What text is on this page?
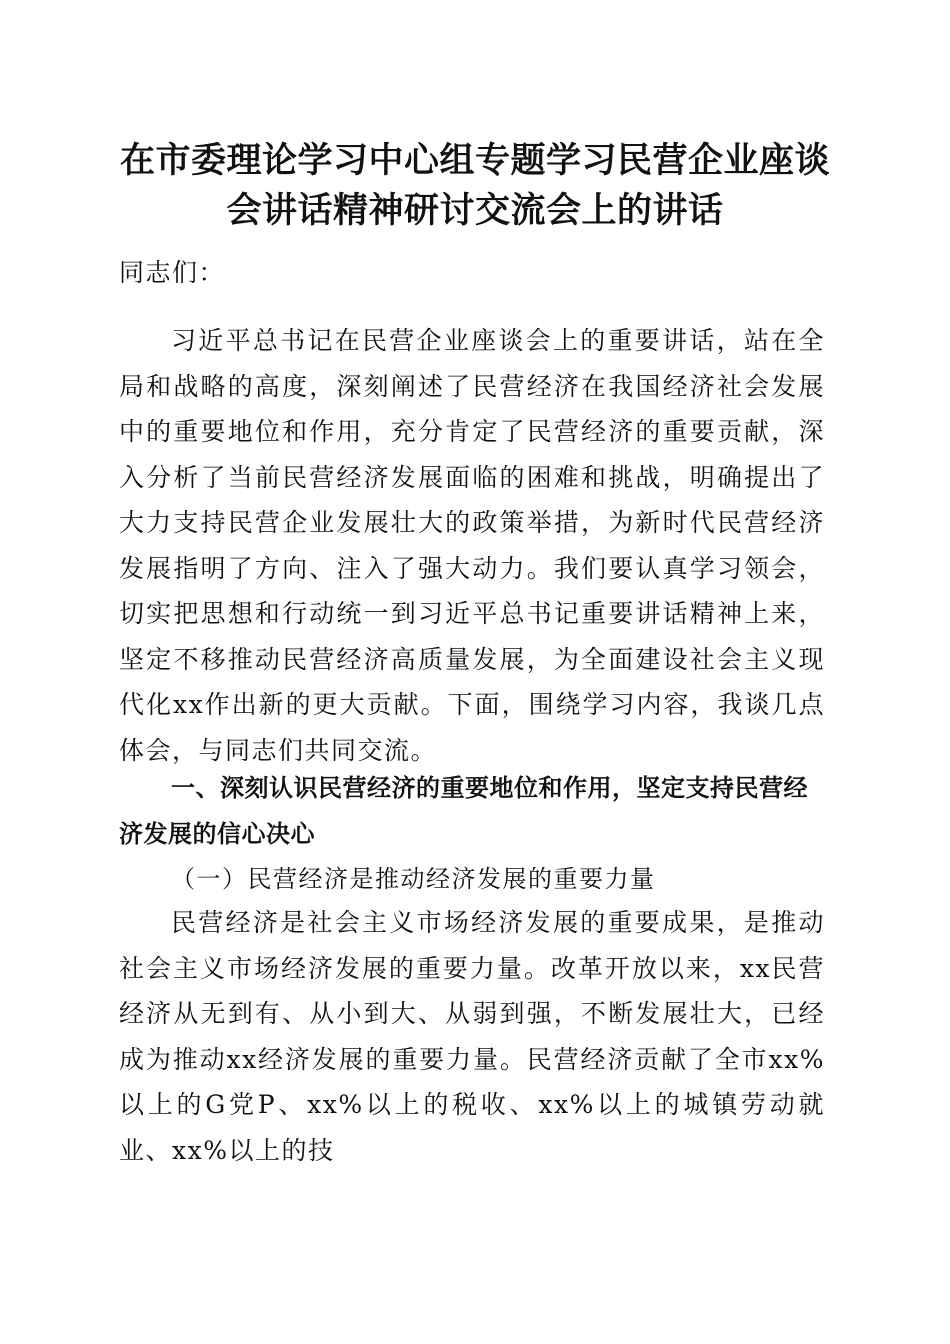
在市委理论学习中心组专题学习民营企业座谈
会讲话精神研讨交流会上的讲话

同志们：

习近平总书记在民营企业座谈会上的重要讲话，站在全局和战略的高度，深刻阐述了民营经济在我国经济社会发展中的重要地位和作用，充分肯定了民营经济的重要贡献，深入分析了当前民营经济发展面临的困难和挑战，明确提出了大力支持民营企业发展壮大的政策举措，为新时代民营经济发展指明了方向、注入了强大动力。我们要认真学习领会，切实把思想和行动统一到习近平总书记重要讲话精神上来，坚定不移推动民营经济高质量发展，为全面建设社会主义现代化xx作出新的更大贡献。下面，围绕学习内容，我谈几点体会，与同志们共同交流。

一、深刻认识民营经济的重要地位和作用，坚定支持民营经济发展的信心决心

（一）民营经济是推动经济发展的重要力量

民营经济是社会主义市场经济发展的重要成果，是推动社会主义市场经济发展的重要力量。改革开放以来，xx民营经济从无到有、从小到大、从弱到强，不断发展壮大，已经成为推动xx经济发展的重要力量。民营经济贡献了全市xx%以上的G党P、xx%以上的税收、xx%以上的城镇劳动就业、xx%以上的技
